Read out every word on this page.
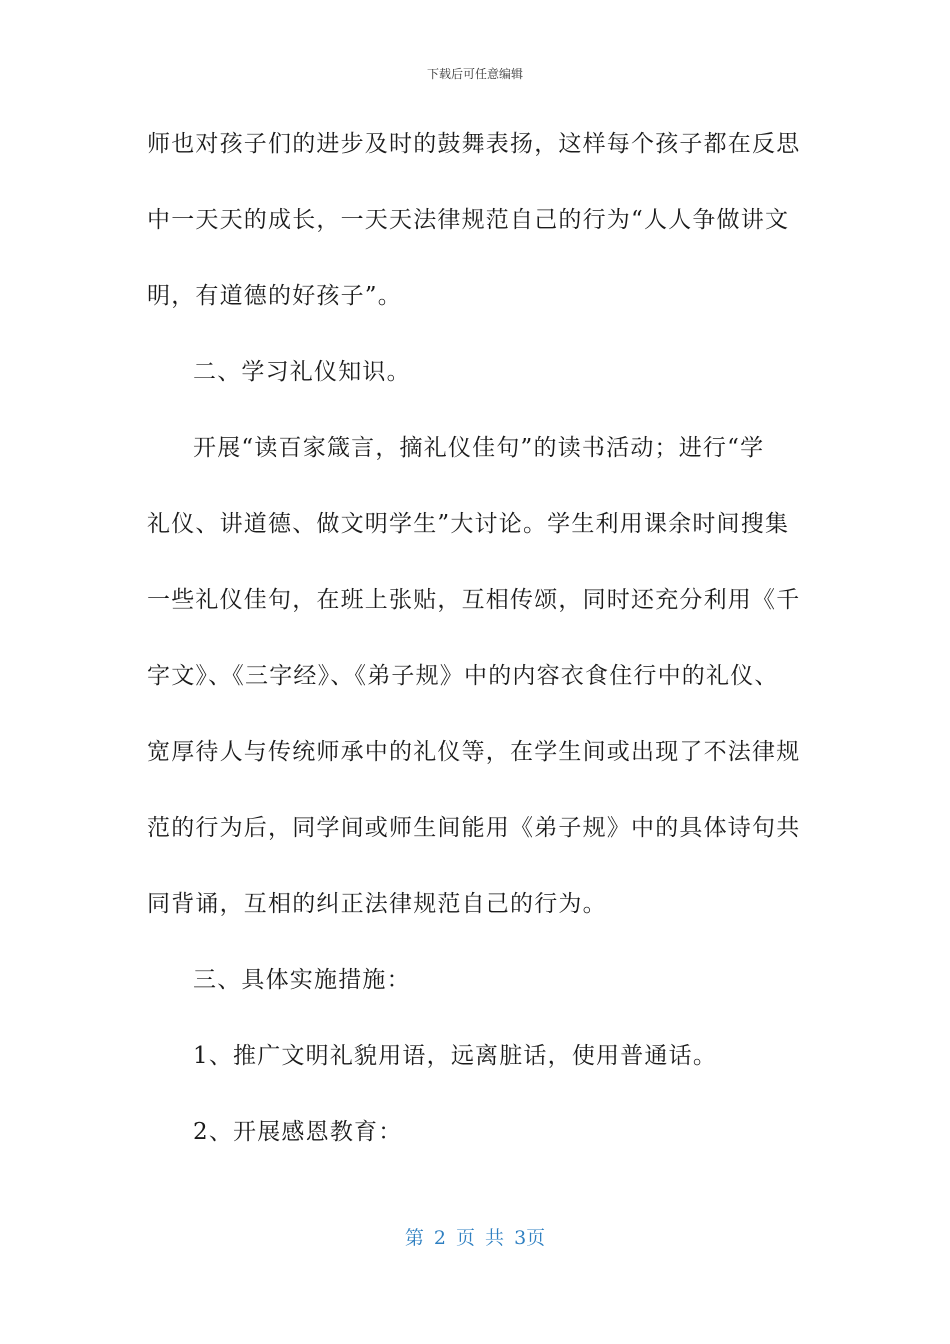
下载后可任意编辑
师也对孩子们的进步及时的鼓舞表扬，这样每个孩子都在反思
中一天天的成长，一天天法律规范自己的行为“人人争做讲文
明，有道德的好孩子”。
二、学习礼仪知识。
开展“读百家箴言，摘礼仪佳句”的读书活动；进行“学
礼仪、讲道德、做文明学生”大讨论。学生利用课余时间搜集
一些礼仪佳句，在班上张贴，互相传颂，同时还充分利用《千
字文》、《三字经》、《弟子规》中的内容衣食住行中的礼仪、
宽厚待人与传统师承中的礼仪等，在学生间或出现了不法律规
范的行为后，同学间或师生间能用《弟子规》中的具体诗句共
同背诵，互相的纠正法律规范自己的行为。
三、具体实施措施：
1、推广文明礼貌用语，远离脏话，使用普通话。
2、开展感恩教育：
第 2 页 共 3页
